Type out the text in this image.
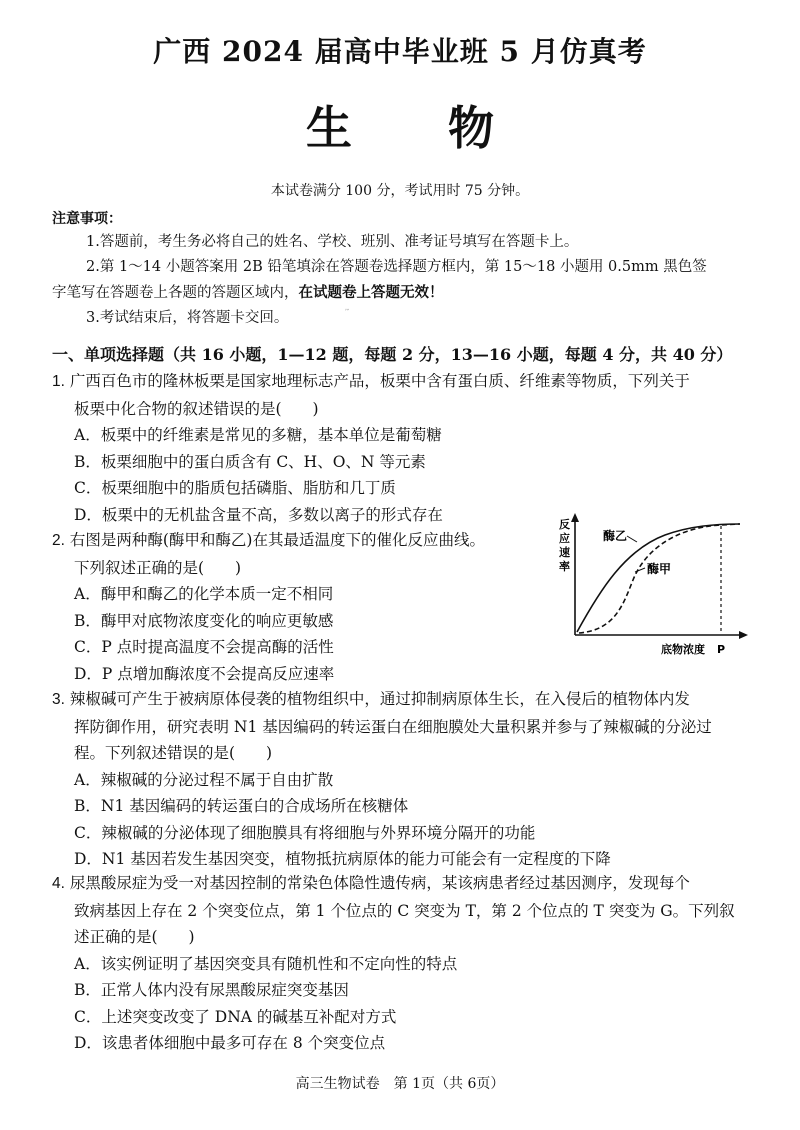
广西 2024 届高中毕业班 5 月仿真考
生 物
本试卷满分 100 分，考试用时 75 分钟。
注意事项：
1.答题前，考生务必将自己的姓名、学校、班别、准考证号填写在答题卡上。
2.第 1～14 小题答案用 2B 铅笔填涂在答题卷选择题方框内，第 15～18 小题用 0.5mm 黑色签
字笔写在答题卷上各题的答题区域内，在试题卷上答题无效！
3.考试结束后，将答题卡交回。
一、单项选择题（共 16 小题，1—12 题，每题 2 分，13—16 小题，每题 4 分，共 40 分）
1. 广西百色市的隆林板栗是国家地理标志产品，板栗中含有蛋白质、纤维素等物质，下列关于
板栗中化合物的叙述错误的是(　　)
A．板栗中的纤维素是常见的多糖，基本单位是葡萄糖
B．板栗细胞中的蛋白质含有 C、H、O、N 等元素
C．板栗细胞中的脂质包括磷脂、脂肪和几丁质
D．板栗中的无机盐含量不高，多数以离子的形式存在
2. 右图是两种酶(酶甲和酶乙)在其最适温度下的催化反应曲线。
下列叙述正确的是(　　)
A．酶甲和酶乙的化学本质一定不相同
B．酶甲对底物浓度变化的响应更敏感
C．P 点时提高温度不会提高酶的活性
D．P 点增加酶浓度不会提高反应速率
反
应
速
率
酶乙
酶甲
底物浓度 P
反应速率
3. 辣椒碱可产生于被病原体侵袭的植物组织中，通过抑制病原体生长，在入侵后的植物体内发
挥防御作用，研究表明 N1 基因编码的转运蛋白在细胞膜处大量积累并参与了辣椒碱的分泌过
程。下列叙述错误的是(　　)
A．辣椒碱的分泌过程不属于自由扩散
B．N1 基因编码的转运蛋白的合成场所在核糖体
C．辣椒碱的分泌体现了细胞膜具有将细胞与外界环境分隔开的功能
D．N1 基因若发生基因突变，植物抵抗病原体的能力可能会有一定程度的下降
4. 尿黑酸尿症为受一对基因控制的常染色体隐性遗传病，某该病患者经过基因测序，发现每个
致病基因上存在 2 个突变位点，第 1 个位点的 C 突变为 T，第 2 个位点的 T 突变为 G。下列叙
述正确的是(　　)
A．该实例证明了基因突变具有随机性和不定向性的特点
B．正常人体内没有尿黑酸尿症突变基因
C．上述突变改变了 DNA 的碱基互补配对方式
D．该患者体细胞中最多可存在 8 个突变位点
高三生物试卷　第 1页（共 6页）
